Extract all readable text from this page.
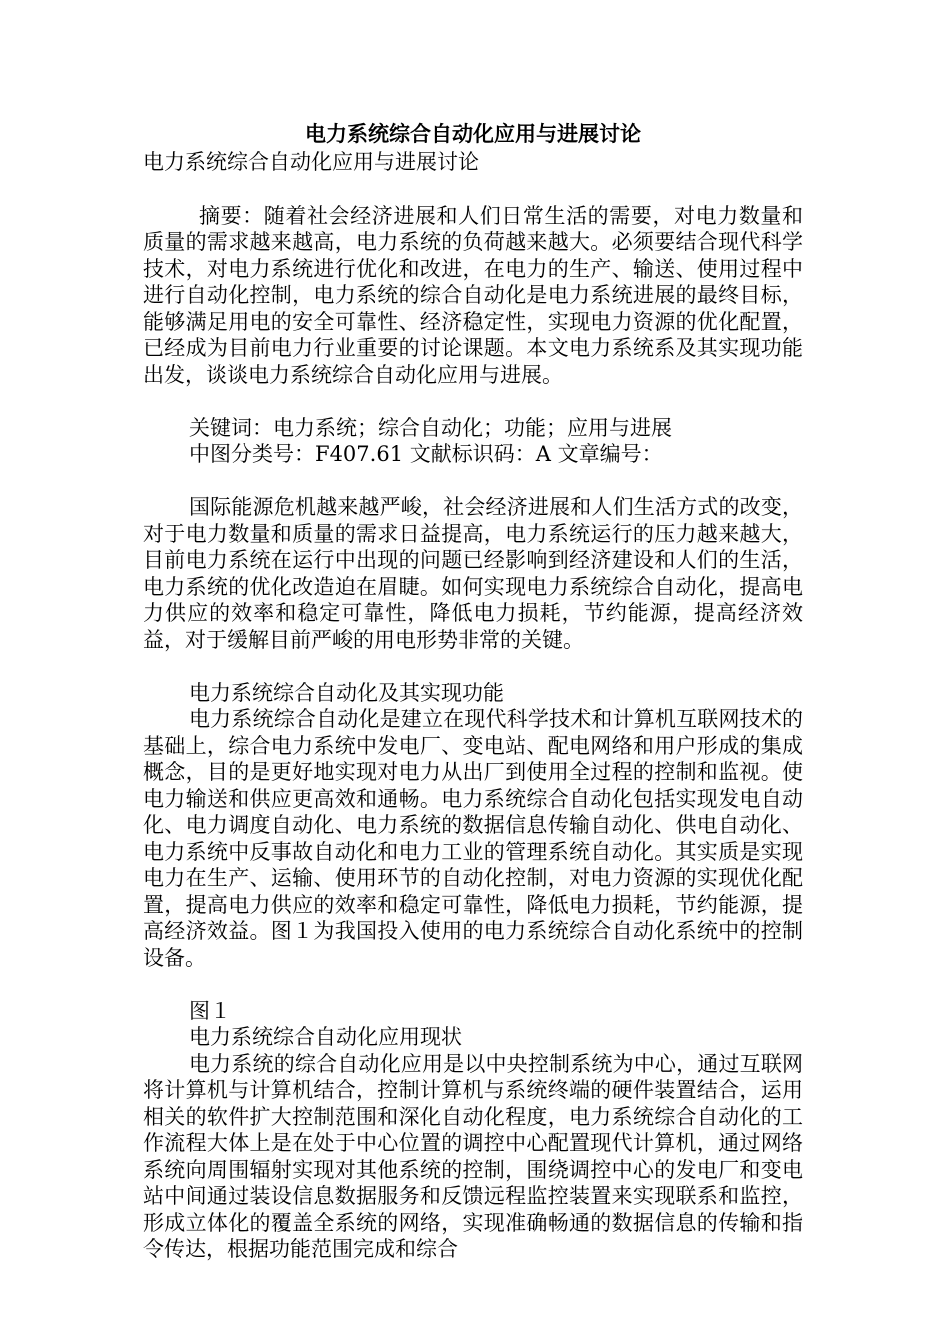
电力系统综合自动化应用与进展讨论
电力系统综合自动化应用与进展讨论

摘要：随着社会经济进展和人们日常生活的需要，对电力数量和质量的需求越来越高，电力系统的负荷越来越大。必须要结合现代科学技术，对电力系统进行优化和改进，在电力的生产、输送、使用过程中进行自动化控制，电力系统的综合自动化是电力系统进展的最终目标，能够满足用电的安全可靠性、经济稳定性，实现电力资源的优化配置，已经成为目前电力行业重要的讨论课题。本文电力系统系及其实现功能出发，谈谈电力系统综合自动化应用与进展。

关键词：电力系统；综合自动化；功能；应用与进展

中图分类号：F407.61 文献标识码：A 文章编号：

国际能源危机越来越严峻，社会经济进展和人们生活方式的改变，对于电力数量和质量的需求日益提高，电力系统运行的压力越来越大，目前电力系统在运行中出现的问题已经影响到经济建设和人们的生活，电力系统的优化改造迫在眉睫。如何实现电力系统综合自动化，提高电力供应的效率和稳定可靠性，降低电力损耗，节约能源，提高经济效益，对于缓解目前严峻的用电形势非常的关键。

电力系统综合自动化及其实现功能

电力系统综合自动化是建立在现代科学技术和计算机互联网技术的基础上，综合电力系统中发电厂、变电站、配电网络和用户形成的集成概念，目的是更好地实现对电力从出厂到使用全过程的控制和监视。使电力输送和供应更高效和通畅。电力系统综合自动化包括实现发电自动化、电力调度自动化、电力系统的数据信息传输自动化、供电自动化、电力系统中反事故自动化和电力工业的管理系统自动化。其实质是实现电力在生产、运输、使用环节的自动化控制，对电力资源的实现优化配置，提高电力供应的效率和稳定可靠性，降低电力损耗，节约能源，提高经济效益。图１为我国投入使用的电力系统综合自动化系统中的控制设备。

图１

电力系统综合自动化应用现状

电力系统的综合自动化应用是以中央控制系统为中心，通过互联网将计算机与计算机结合，控制计算机与系统终端的硬件装置结合，运用相关的软件扩大控制范围和深化自动化程度，电力系统综合自动化的工作流程大体上是在处于中心位置的调控中心配置现代计算机，通过网络系统向周围辐射实现对其他系统的控制，围绕调控中心的发电厂和变电站中间通过装设信息数据服务和反馈远程监控装置来实现联系和监控，形成立体化的覆盖全系统的网络，实现准确畅通的数据信息的传输和指令传达，根据功能范围完成和综合
